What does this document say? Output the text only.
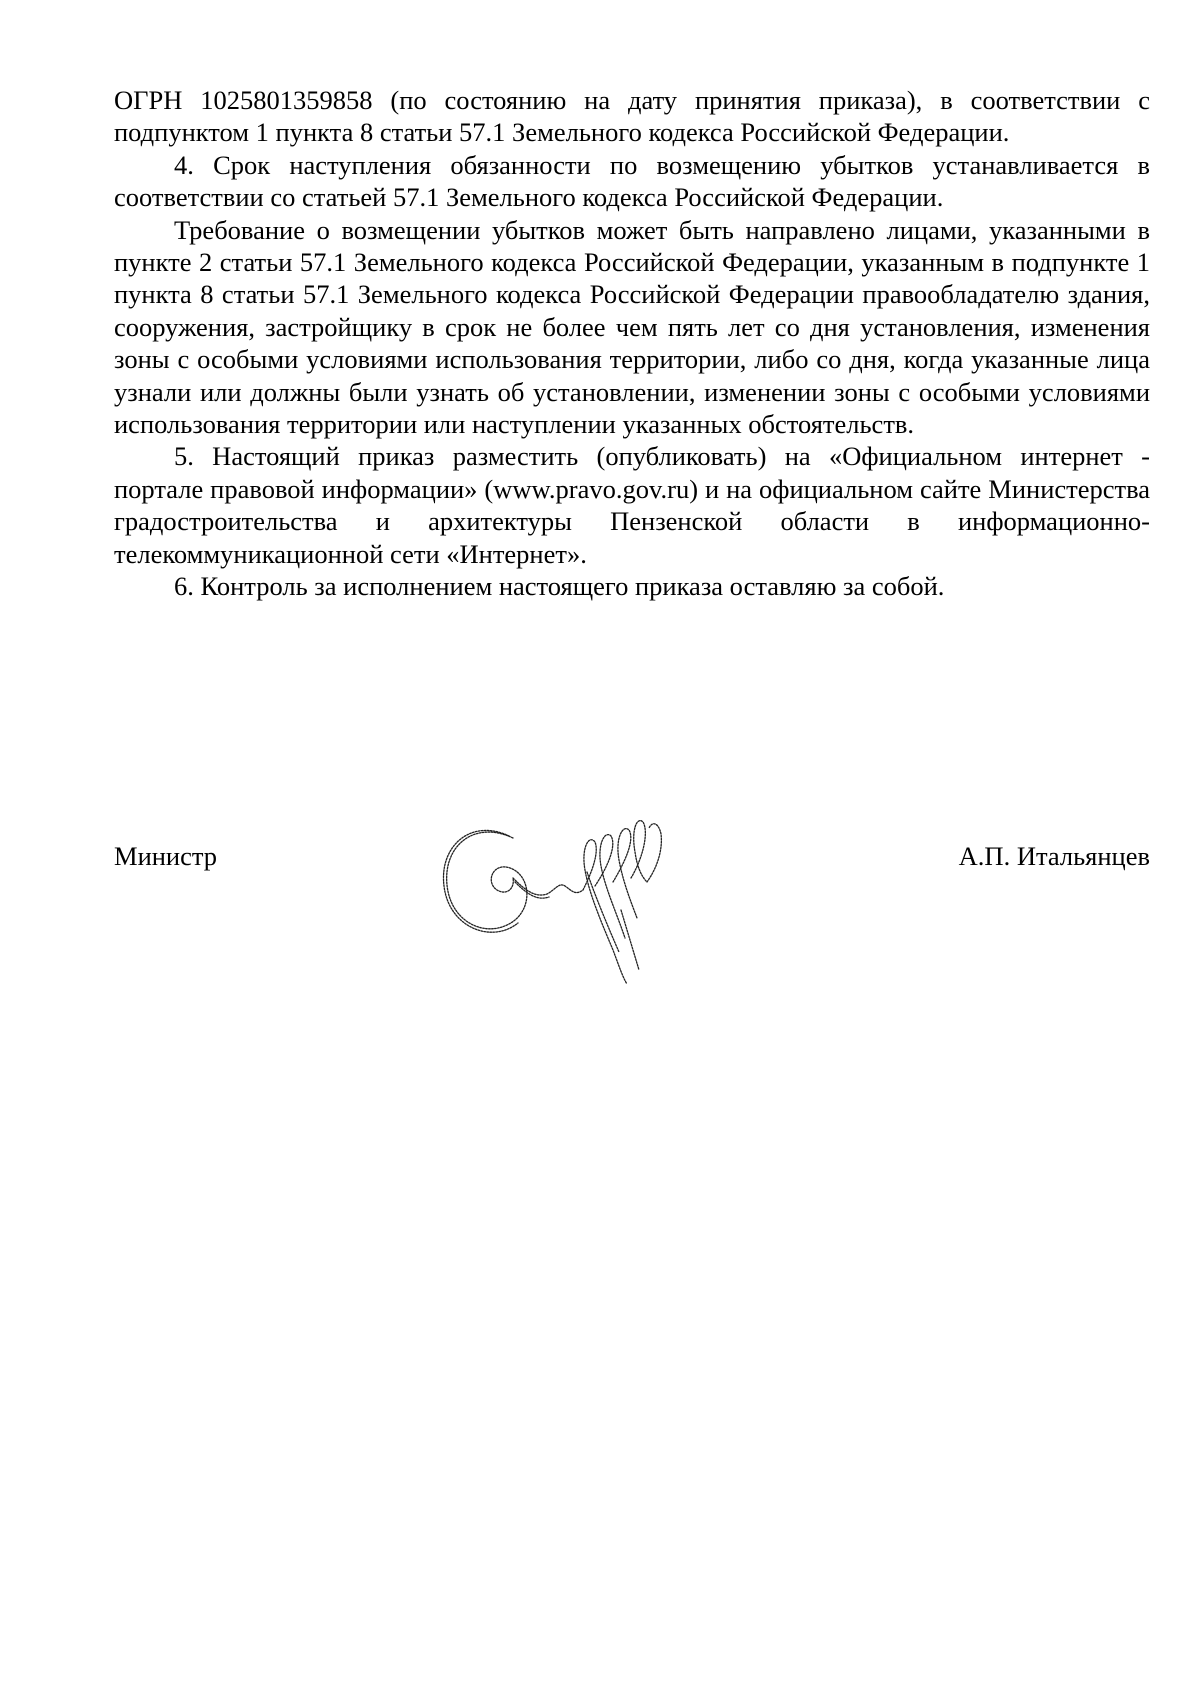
ОГРН 1025801359858 (по состоянию на дату принятия приказа), в соответствии с подпунктом 1 пункта 8 статьи 57.1 Земельного кодекса Российской Федерации.

4. Срок наступления обязанности по возмещению убытков устанавливается в соответствии со статьей 57.1 Земельного кодекса Российской Федерации.

Требование о возмещении убытков может быть направлено лицами, указанными в пункте 2 статьи 57.1 Земельного кодекса Российской Федерации, указанным в подпункте 1 пункта 8 статьи 57.1 Земельного кодекса Российской Федерации правообладателю здания, сооружения, застройщику в срок не более чем пять лет со дня установления, изменения зоны с особыми условиями использования территории, либо со дня, когда указанные лица узнали или должны были узнать об установлении, изменении зоны с особыми условиями использования территории или наступлении указанных обстоятельств.

5. Настоящий приказ разместить (опубликовать) на «Официальном интернет - портале правовой информации» (www.pravo.gov.ru) и на официальном сайте Министерства градостроительства и архитектуры Пензенской области в информационно-телекоммуникационной сети «Интернет».

6. Контроль за исполнением настоящего приказа оставляю за собой.

Министр	А.П. Итальянцев
